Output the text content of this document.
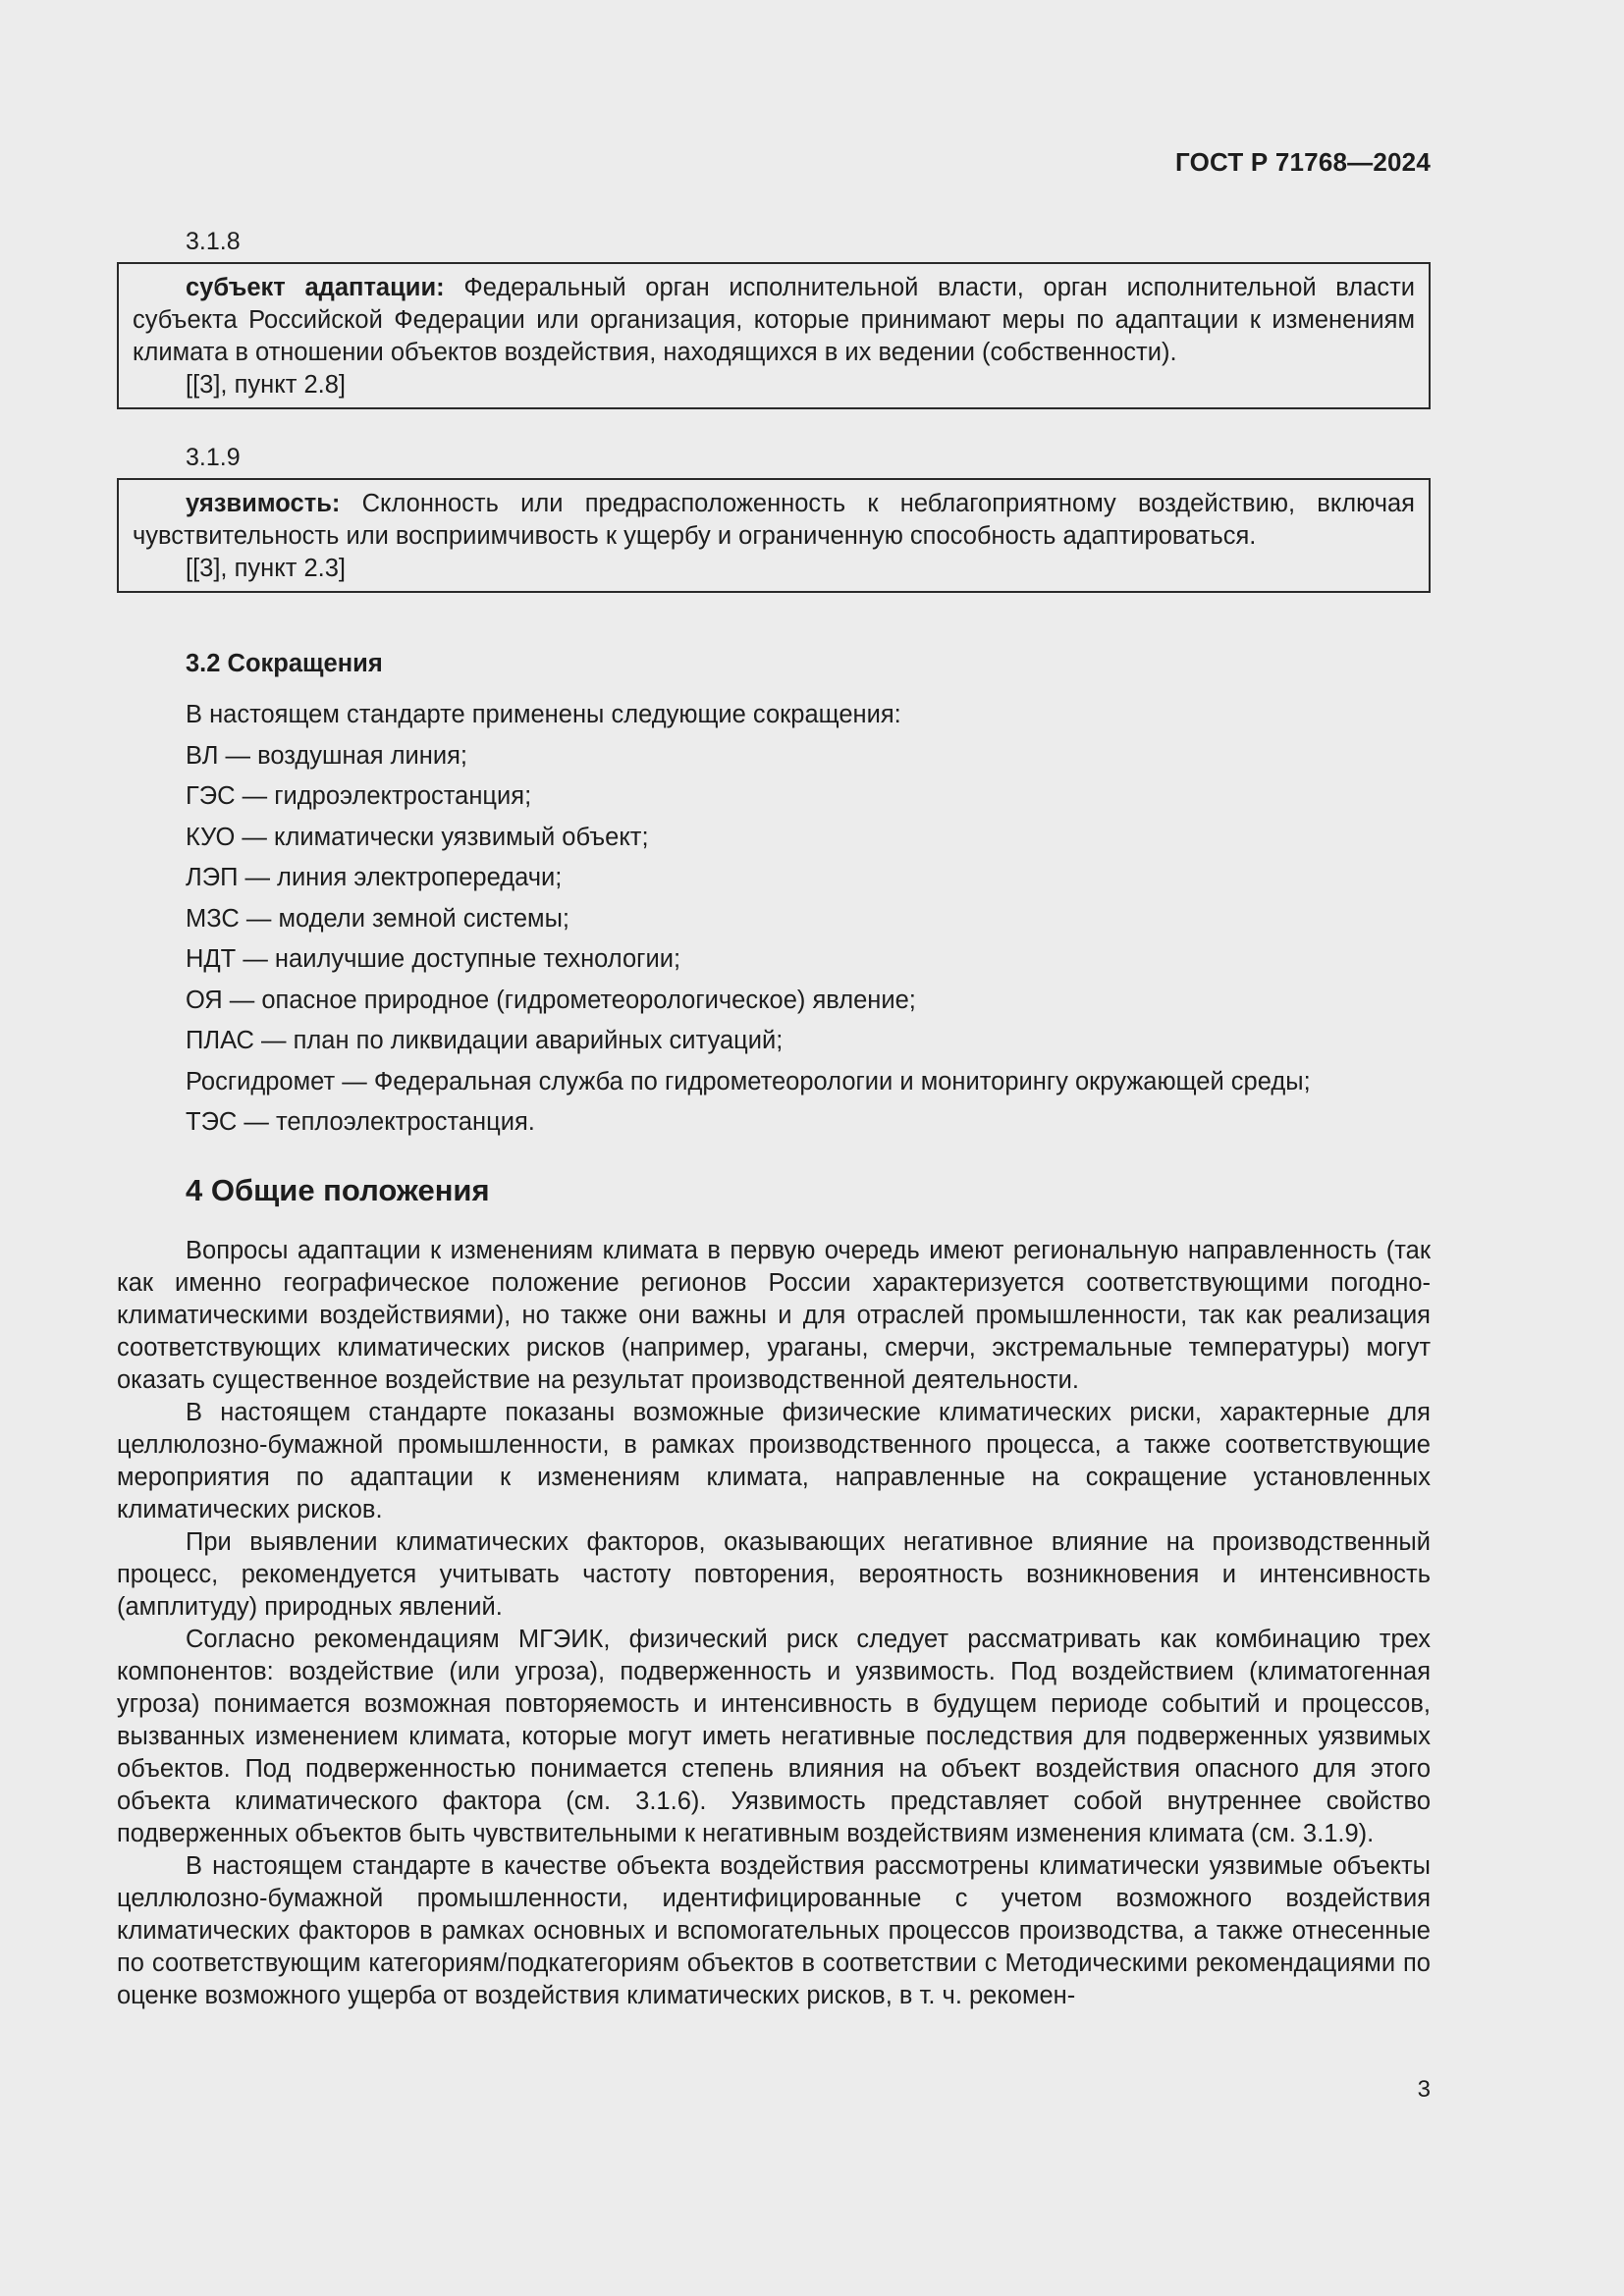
ГОСТ Р 71768—2024
3.1.8

субъект адаптации: Федеральный орган исполнительной власти, орган исполнительной власти субъекта Российской Федерации или организация, которые принимают меры по адаптации к изменениям климата в отношении объектов воздействия, находящихся в их ведении (собственности).

[[3], пункт 2.8]

3.1.9

уязвимость: Склонность или предрасположенность к неблагоприятному воздействию, включая чувствительность или восприимчивость к ущербу и ограниченную способность адаптироваться.

[[3], пункт 2.3]

3.2 Сокращения
В настоящем стандарте применены следующие сокращения:
ВЛ — воздушная линия;
ГЭС — гидроэлектростанция;
КУО — климатически уязвимый объект;
ЛЭП — линия электропередачи;
МЗС — модели земной системы;
НДТ — наилучшие доступные технологии;
ОЯ — опасное природное (гидрометеорологическое) явление;
ПЛАС — план по ликвидации аварийных ситуаций;
Росгидромет — Федеральная служба по гидрометеорологии и мониторингу окружающей среды;
ТЭС — теплоэлектростанция.
4 Общие положения

Вопросы адаптации к изменениям климата в первую очередь имеют региональную направленность (так как именно географическое положение регионов России характеризуется соответствующими погодно-климатическими воздействиями), но также они важны и для отраслей промышленности, так как реализация соответствующих климатических рисков (например, ураганы, смерчи, экстремальные температуры) могут оказать существенное воздействие на результат производственной деятельности.

В настоящем стандарте показаны возможные физические климатических риски, характерные для целлюлозно-бумажной промышленности, в рамках производственного процесса, а также соответствующие мероприятия по адаптации к изменениям климата, направленные на сокращение установленных климатических рисков.

При выявлении климатических факторов, оказывающих негативное влияние на производственный процесс, рекомендуется учитывать частоту повторения, вероятность возникновения и интенсивность (амплитуду) природных явлений.

Согласно рекомендациям МГЭИК, физический риск следует рассматривать как комбинацию трех компонентов: воздействие (или угроза), подверженность и уязвимость. Под воздействием (климатогенная угроза) понимается возможная повторяемость и интенсивность в будущем периоде событий и процессов, вызванных изменением климата, которые могут иметь негативные последствия для подверженных уязвимых объектов. Под подверженностью понимается степень влияния на объект воздействия опасного для этого объекта климатического фактора (см. 3.1.6). Уязвимость представляет собой внутреннее свойство подверженных объектов быть чувствительными к негативным воздействиям изменения климата (см. 3.1.9).

В настоящем стандарте в качестве объекта воздействия рассмотрены климатически уязвимые объекты целлюлозно-бумажной промышленности, идентифицированные с учетом возможного воздействия климатических факторов в рамках основных и вспомогательных процессов производства, а также отнесенные по соответствующим категориям/подкатегориям объектов в соответствии с Методическими рекомендациями по оценке возможного ущерба от воздействия климатических рисков, в т. ч. рекомен-

3
